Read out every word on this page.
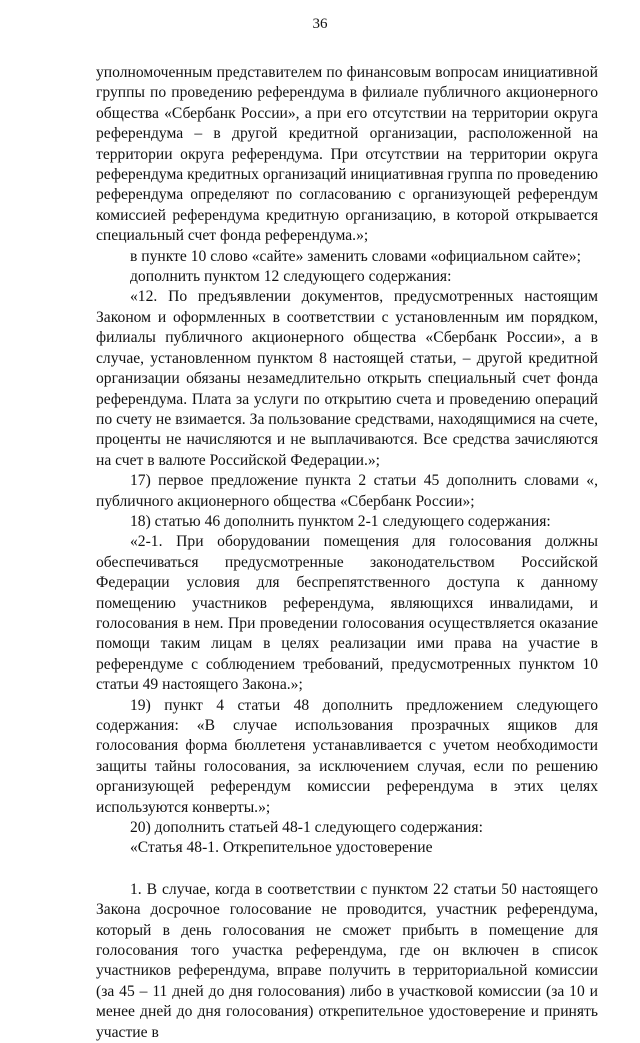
36

уполномоченным представителем по финансовым вопросам инициативной группы по проведению референдума в филиале публичного акционерного общества «Сбербанк России», а при его отсутствии на территории округа референдума – в другой кредитной организации, расположенной на территории округа референдума. При отсутствии на территории округа референдума кредитных организаций инициативная группа по проведению референдума определяют по согласованию с организующей референдум комиссией референдума кредитную организацию, в которой открывается специальный счет фонда референдума.»;

в пункте 10 слово «сайте» заменить словами «официальном сайте»;

дополнить пунктом 12 следующего содержания:

«12. По предъявлении документов, предусмотренных настоящим Законом и оформленных в соответствии с установленным им порядком, филиалы публичного акционерного общества «Сбербанк России», а в случае, установленном пунктом 8 настоящей статьи, – другой кредитной организации обязаны незамедлительно открыть специальный счет фонда референдума. Плата за услуги по открытию счета и проведению операций по счету не взимается. За пользование средствами, находящимися на счете, проценты не начисляются и не выплачиваются. Все средства зачисляются на счет в валюте Российской Федерации.»;

17) первое предложение пункта 2 статьи 45 дополнить словами «, публичного акционерного общества «Сбербанк России»;

18) статью 46 дополнить пунктом 2-1 следующего содержания:

«2-1. При оборудовании помещения для голосования должны обеспечиваться предусмотренные законодательством Российской Федерации условия для беспрепятственного доступа к данному помещению участников референдума, являющихся инвалидами, и голосования в нем. При проведении голосования осуществляется оказание помощи таким лицам в целях реализации ими права на участие в референдуме с соблюдением требований, предусмотренных пунктом 10 статьи 49 настоящего Закона.»;

19) пункт 4 статьи 48 дополнить предложением следующего содержания: «В случае использования прозрачных ящиков для голосования форма бюллетеня устанавливается с учетом необходимости защиты тайны голосования, за исключением случая, если по решению организующей референдум комиссии референдума в этих целях используются конверты.»;

20) дополнить статьей 48-1 следующего содержания:

«Статья 48-1. Открепительное удостоверение

1. В случае, когда в соответствии с пунктом 22 статьи 50 настоящего Закона досрочное голосование не проводится, участник референдума, который в день голосования не сможет прибыть в помещение для голосования того участка референдума, где он включен в список участников референдума, вправе получить в территориальной комиссии (за 45 – 11 дней до дня голосования) либо в участковой комиссии (за 10 и менее дней до дня голосования) открепительное удостоверение и принять участие в
